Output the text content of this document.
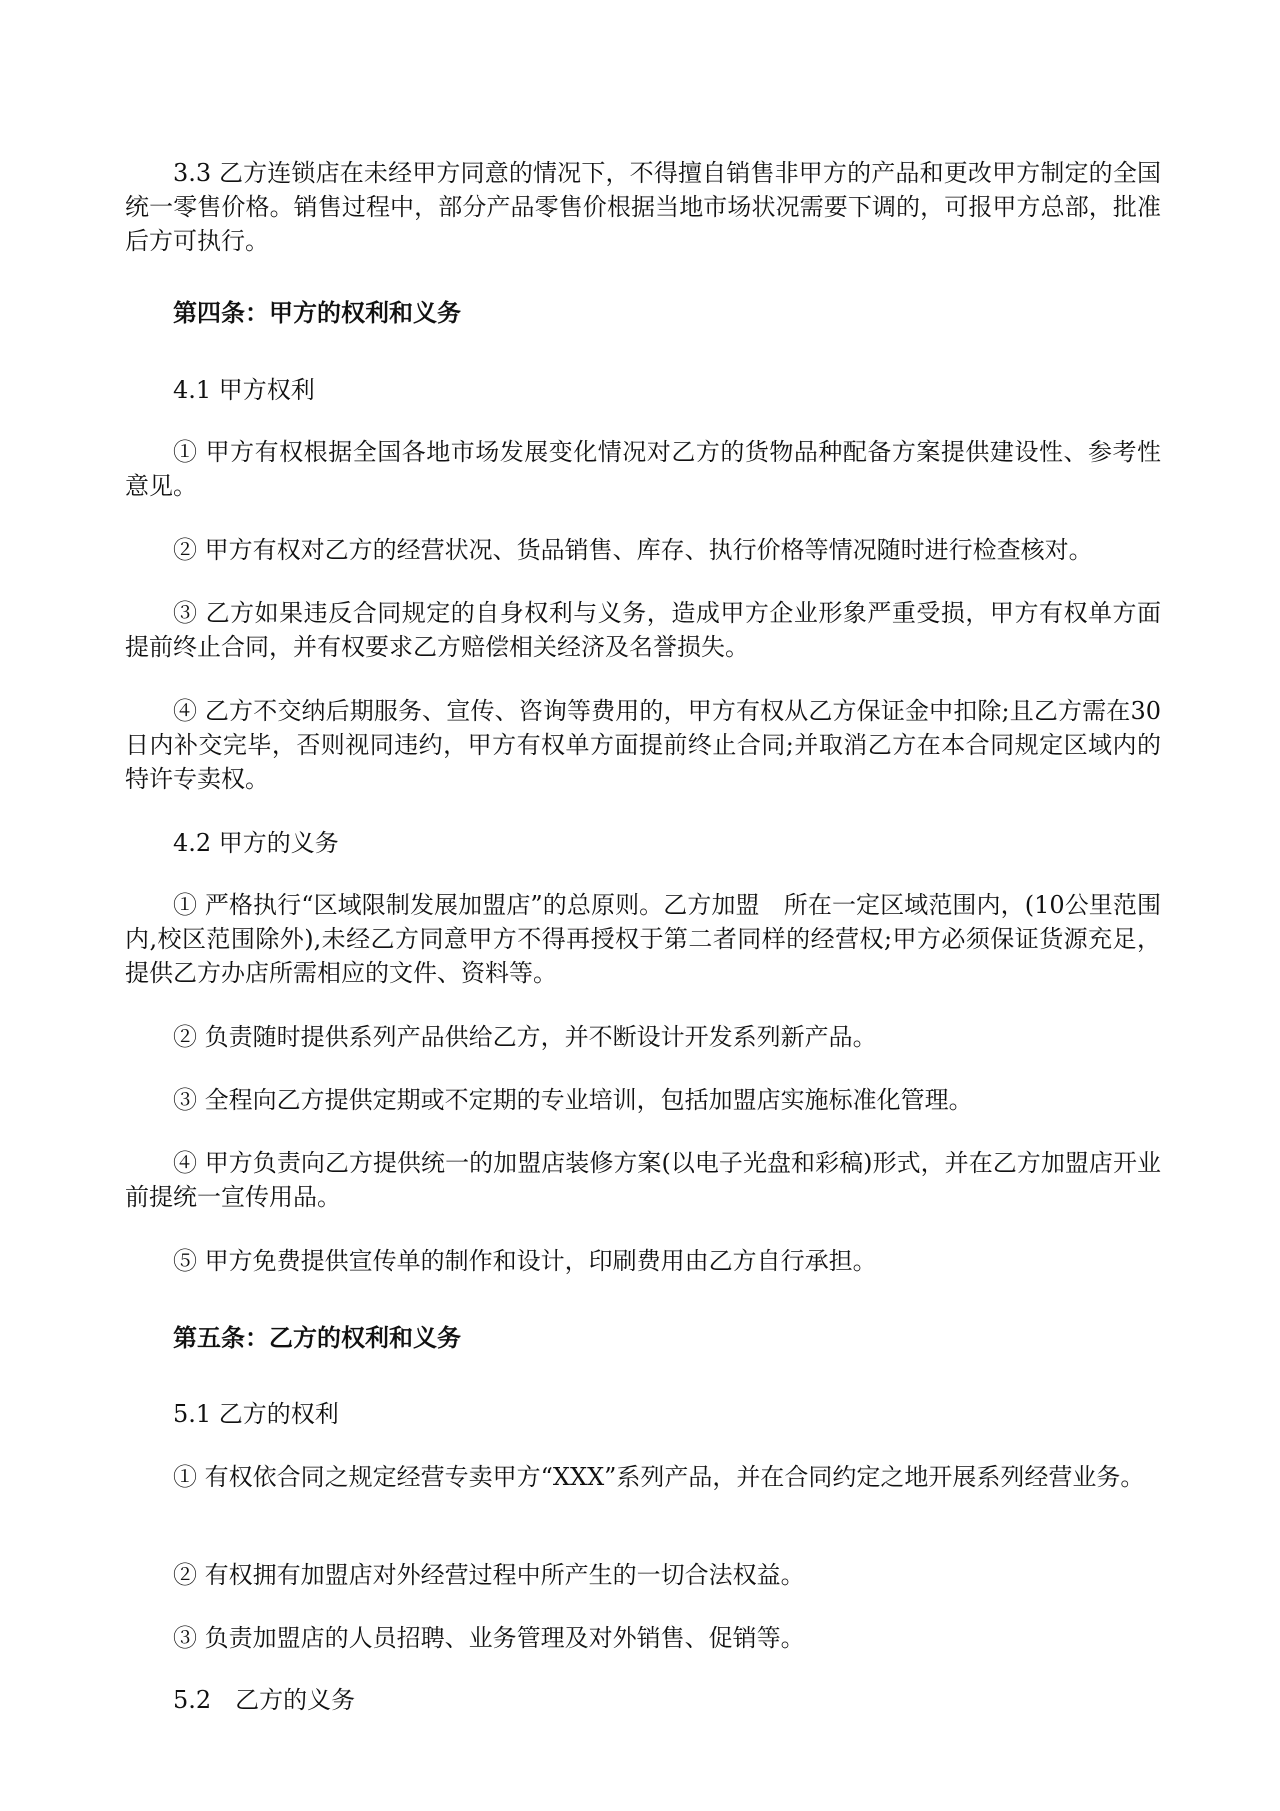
3.3 乙方连锁店在未经甲方同意的情况下，不得擅自销售非甲方的产品和更改甲方制定的全国统一零售价格。销售过程中，部分产品零售价根据当地市场状况需要下调的，可报甲方总部，批准后方可执行。

第四条：甲方的权利和义务

4.1 甲方权利

① 甲方有权根据全国各地市场发展变化情况对乙方的货物品种配备方案提供建设性、参考性意见。

② 甲方有权对乙方的经营状况、货品销售、库存、执行价格等情况随时进行检查核对。

③ 乙方如果违反合同规定的自身权利与义务，造成甲方企业形象严重受损，甲方有权单方面提前终止合同，并有权要求乙方赔偿相关经济及名誉损失。

④ 乙方不交纳后期服务、宣传、咨询等费用的，甲方有权从乙方保证金中扣除;且乙方需在30日内补交完毕，否则视同违约，甲方有权单方面提前终止合同;并取消乙方在本合同规定区域内的特许专卖权。

4.2 甲方的义务

① 严格执行“区域限制发展加盟店”的总原则。乙方加盟　所在一定区域范围内，(10公里范围内,校区范围除外),未经乙方同意甲方不得再授权于第二者同样的经营权;甲方必须保证货源充足，提供乙方办店所需相应的文件、资料等。

② 负责随时提供系列产品供给乙方，并不断设计开发系列新产品。

③ 全程向乙方提供定期或不定期的专业培训，包括加盟店实施标准化管理。

④ 甲方负责向乙方提供统一的加盟店装修方案(以电子光盘和彩稿)形式，并在乙方加盟店开业前提统一宣传用品。

⑤ 甲方免费提供宣传单的制作和设计，印刷费用由乙方自行承担。

第五条：乙方的权利和义务

5.1 乙方的权利

① 有权依合同之规定经营专卖甲方“XXX”系列产品，并在合同约定之地开展系列经营业务。

② 有权拥有加盟店对外经营过程中所产生的一切合法权益。

③ 负责加盟店的人员招聘、业务管理及对外销售、促销等。

5.2　乙方的义务
